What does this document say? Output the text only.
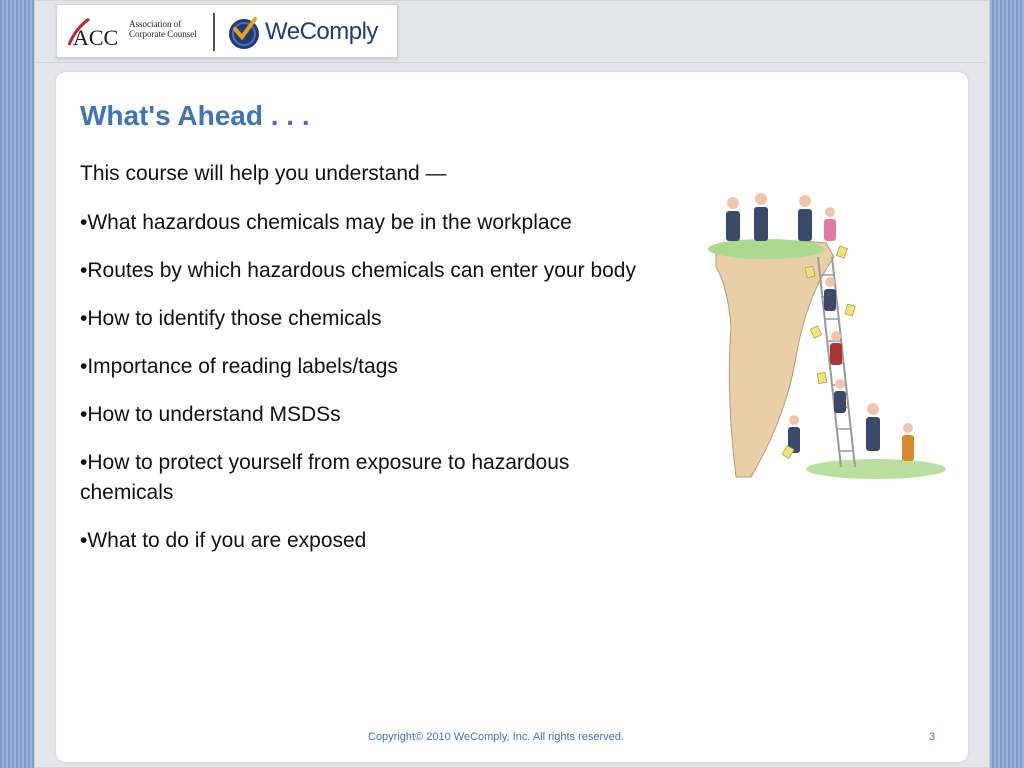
ACC
Association of
Corporate Counsel	WeComply
What's Ahead . . .
This course will help you understand —
•What hazardous chemicals may be in the workplace
•Routes by which hazardous chemicals can enter your body
•How to identify those chemicals
•Importance of reading labels/tags
•How to understand MSDSs
•How to protect yourself from exposure to hazardous chemicals
•What to do if you are exposed
Copyright© 2010 WeComply, Inc. All rights reserved.	3
